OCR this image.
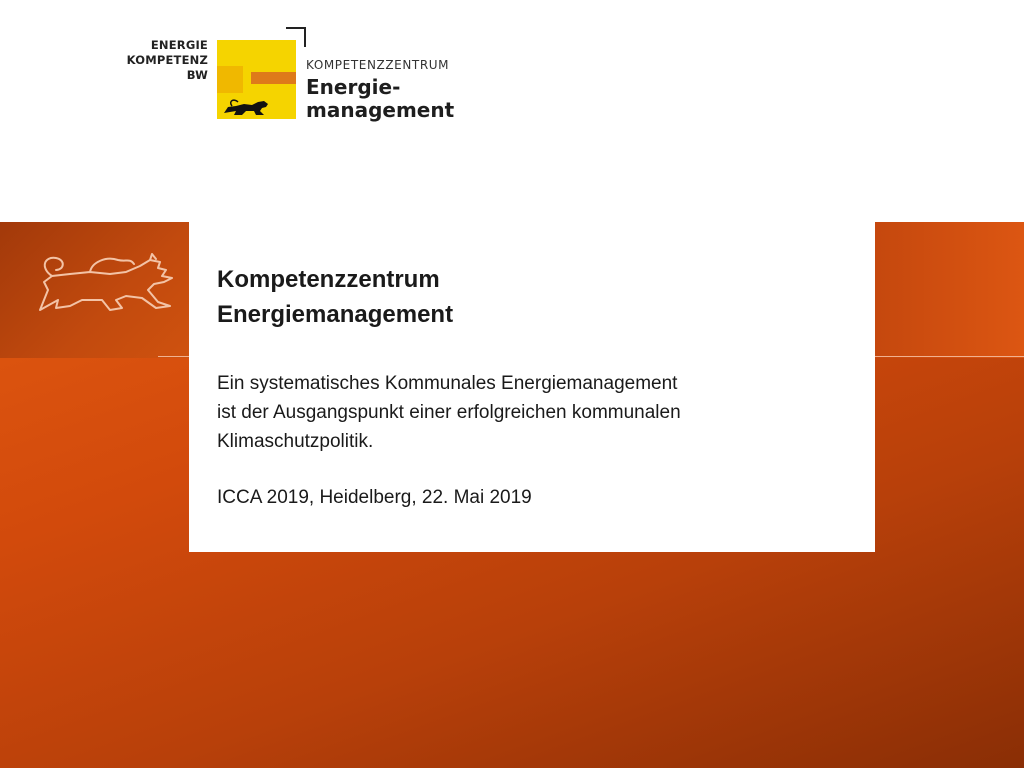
ENERGIE
KOMPETENZ
BW
KOMPETENZZENTRUM
Energie-
management
Kompetenzzentrum
Energiemanagement
Ein systematisches Kommunales Energiemanagement
ist der Ausgangspunkt einer erfolgreichen kommunalen
Klimaschutzpolitik.
ICCA 2019, Heidelberg, 22. Mai 2019
